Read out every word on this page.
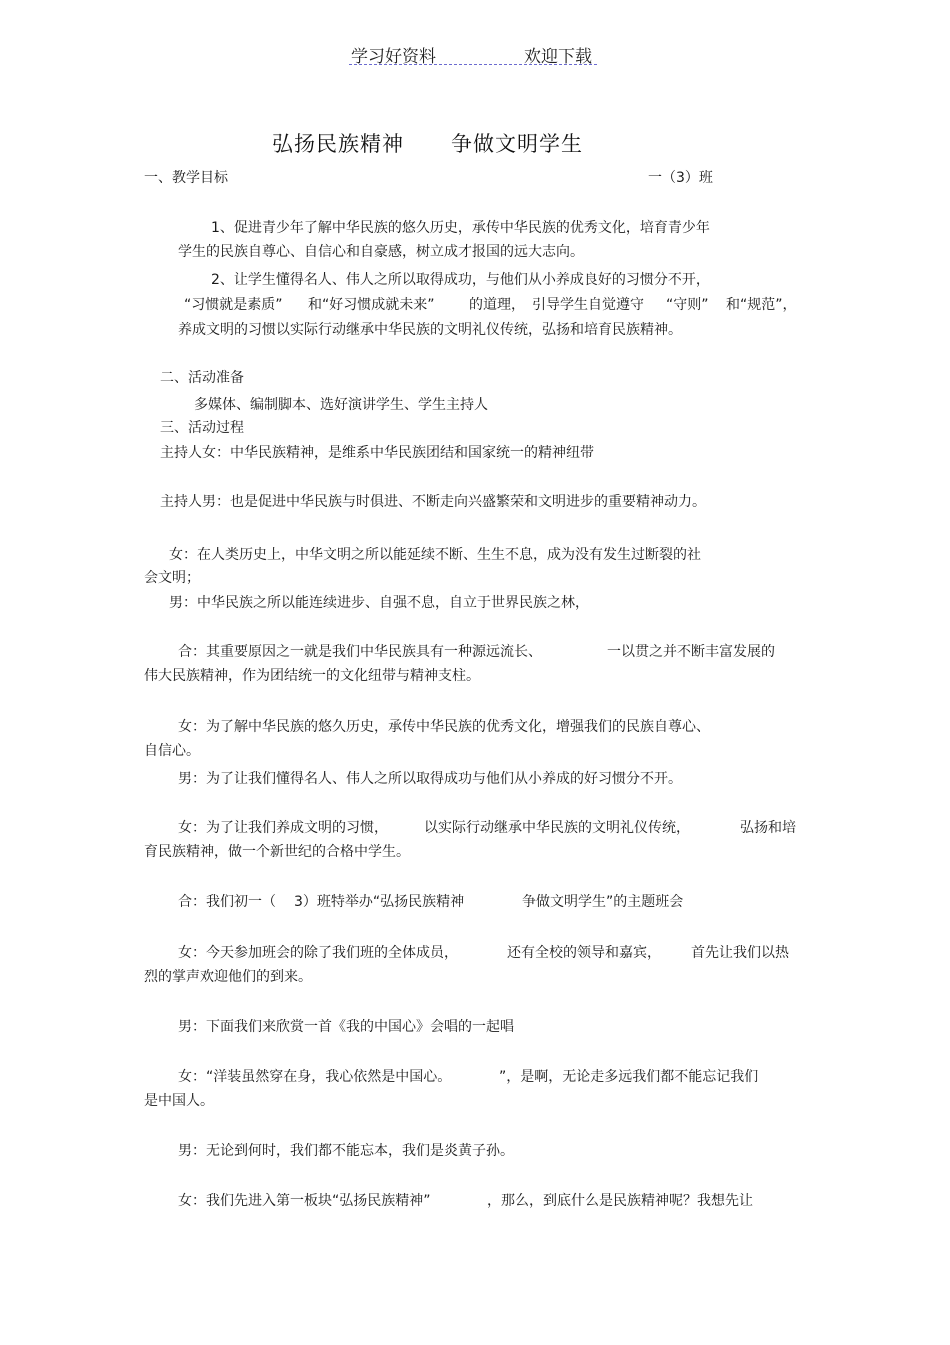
学习好资料	欢迎下载
弘扬民族精神 争做文明学生
一、教学目标	一（3）班
1、促进青少年了解中华民族的悠久历史，承传中华民族的优秀文化，培育青少年
学生的民族自尊心、自信心和自豪感，树立成才报国的远大志向。
2、让学生懂得名人、伟人之所以取得成功，与他们从小养成良好的习惯分不开，
“习惯就是素质” 和“好习惯成就未来” 的道理， 引导学生自觉遵守 “守则” 和“规范”，
养成文明的习惯以实际行动继承中华民族的文明礼仪传统，弘扬和培育民族精神。
二、活动准备
多媒体、编制脚本、选好演讲学生、学生主持人
三、活动过程
主持人女：中华民族精神，是维系中华民族团结和国家统一的精神纽带
主持人男：也是促进中华民族与时俱进、不断走向兴盛繁荣和文明进步的重要精神动力。
女：在人类历史上，中华文明之所以能延续不断、生生不息，成为没有发生过断裂的社
会文明；
男：中华民族之所以能连续进步、自强不息，自立于世界民族之林，
合：其重要原因之一就是我们中华民族具有一种源远流长、	一以贯之并不断丰富发展的
伟大民族精神，作为团结统一的文化纽带与精神支柱。
女：为了解中华民族的悠久历史，承传中华民族的优秀文化，增强我们的民族自尊心、
自信心。
男：为了让我们懂得名人、伟人之所以取得成功与他们从小养成的好习惯分不开。
女：为了让我们养成文明的习惯，	以实际行动继承中华民族的文明礼仪传统，	弘扬和培
育民族精神，做一个新世纪的合格中学生。
合：我们初一（ 3）班特举办“弘扬民族精神	争做文明学生”的主题班会
女：今天参加班会的除了我们班的全体成员，	还有全校的领导和嘉宾， 首先让我们以热
烈的掌声欢迎他们的到来。
男：下面我们来欣赏一首《我的中国心》会唱的一起唱
女：“洋装虽然穿在身，我心依然是中国心。	”，是啊，无论走多远我们都不能忘记我们
是中国人。
男：无论到何时，我们都不能忘本，我们是炎黄子孙。
女：我们先进入第一板块“弘扬民族精神”	，那么，到底什么是民族精神呢？我想先让
